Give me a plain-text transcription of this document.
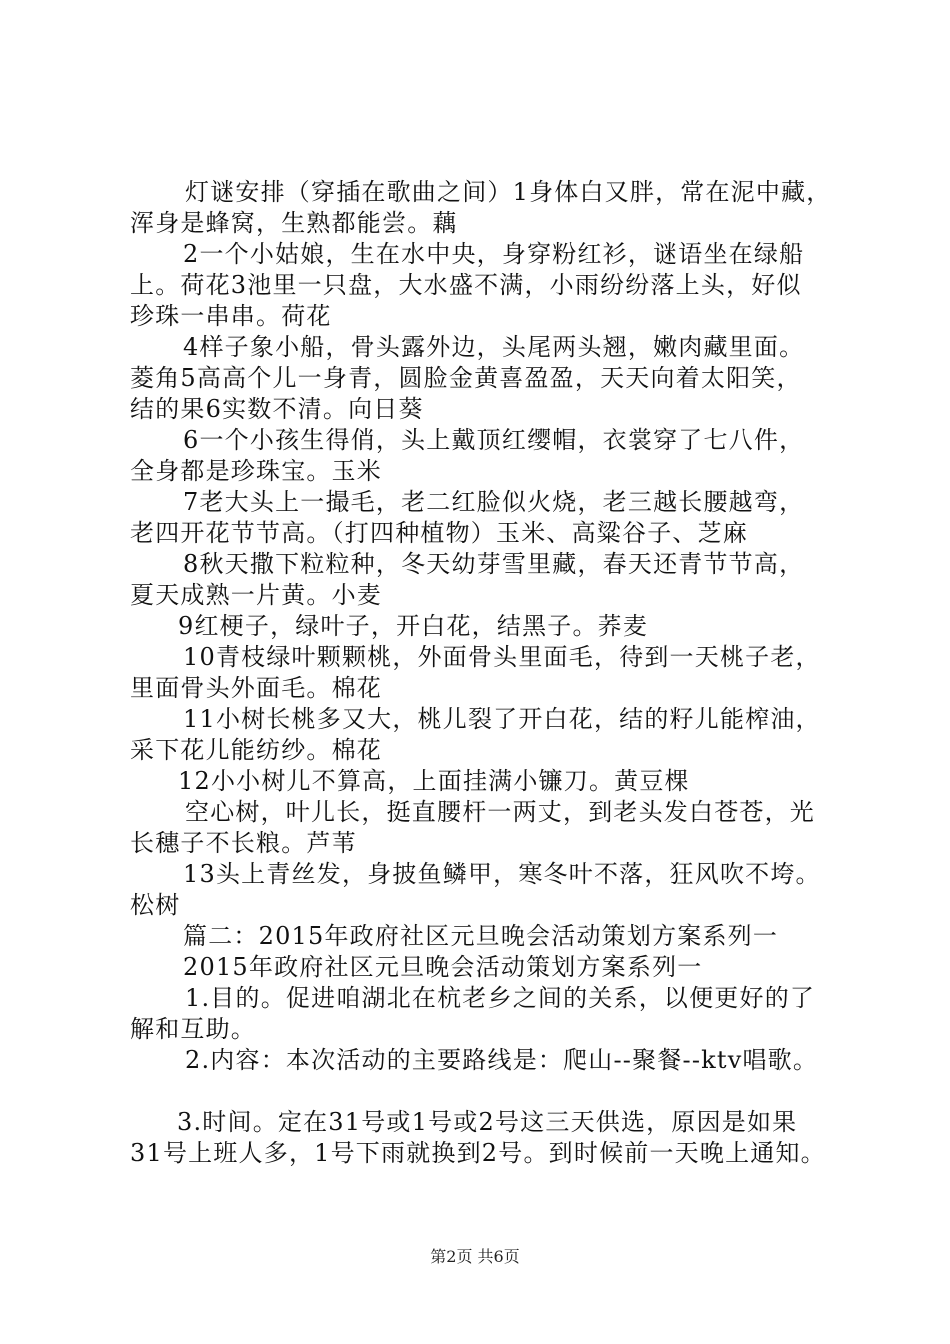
灯谜安排（穿插在歌曲之间）1身体白又胖，常在泥中藏，
浑身是蜂窝，生熟都能尝。藕
2一个小姑娘，生在水中央，身穿粉红衫，谜语坐在绿船
上。荷花3池里一只盘，大水盛不满，小雨纷纷落上头，好似
珍珠一串串。荷花
4样子象小船，骨头露外边，头尾两头翘，嫩肉藏里面。
菱角5高高个儿一身青，圆脸金黄喜盈盈，天天向着太阳笑，
结的果6实数不清。向日葵
6一个小孩生得俏，头上戴顶红缨帽，衣裳穿了七八件，
全身都是珍珠宝。玉米
7老大头上一撮毛，老二红脸似火烧，老三越长腰越弯，
老四开花节节高。（打四种植物）玉米、高粱谷子、芝麻
8秋天撒下粒粒种，冬天幼芽雪里藏，春天还青节节高，
夏天成熟一片黄。小麦
9红梗子，绿叶子，开白花，结黑子。荞麦
10青枝绿叶颗颗桃，外面骨头里面毛，待到一天桃子老，
里面骨头外面毛。棉花
11小树长桃多又大，桃儿裂了开白花，结的籽儿能榨油，
采下花儿能纺纱。棉花
12小小树儿不算高，上面挂满小镰刀。黄豆棵
空心树，叶儿长，挺直腰杆一两丈，到老头发白苍苍，光
长穗子不长粮。芦苇
13头上青丝发，身披鱼鳞甲，寒冬叶不落，狂风吹不垮。
松树
篇二：2015年政府社区元旦晚会活动策划方案系列一
2015年政府社区元旦晚会活动策划方案系列一
1.目的。促进咱湖北在杭老乡之间的关系，以便更好的了
解和互助。
2.内容：本次活动的主要路线是：爬山--聚餐--ktv唱歌。
3.时间。定在31号或1号或2号这三天供选，原因是如果
31号上班人多，1号下雨就换到2号。到时候前一天晚上通知。
第2页 共6页
